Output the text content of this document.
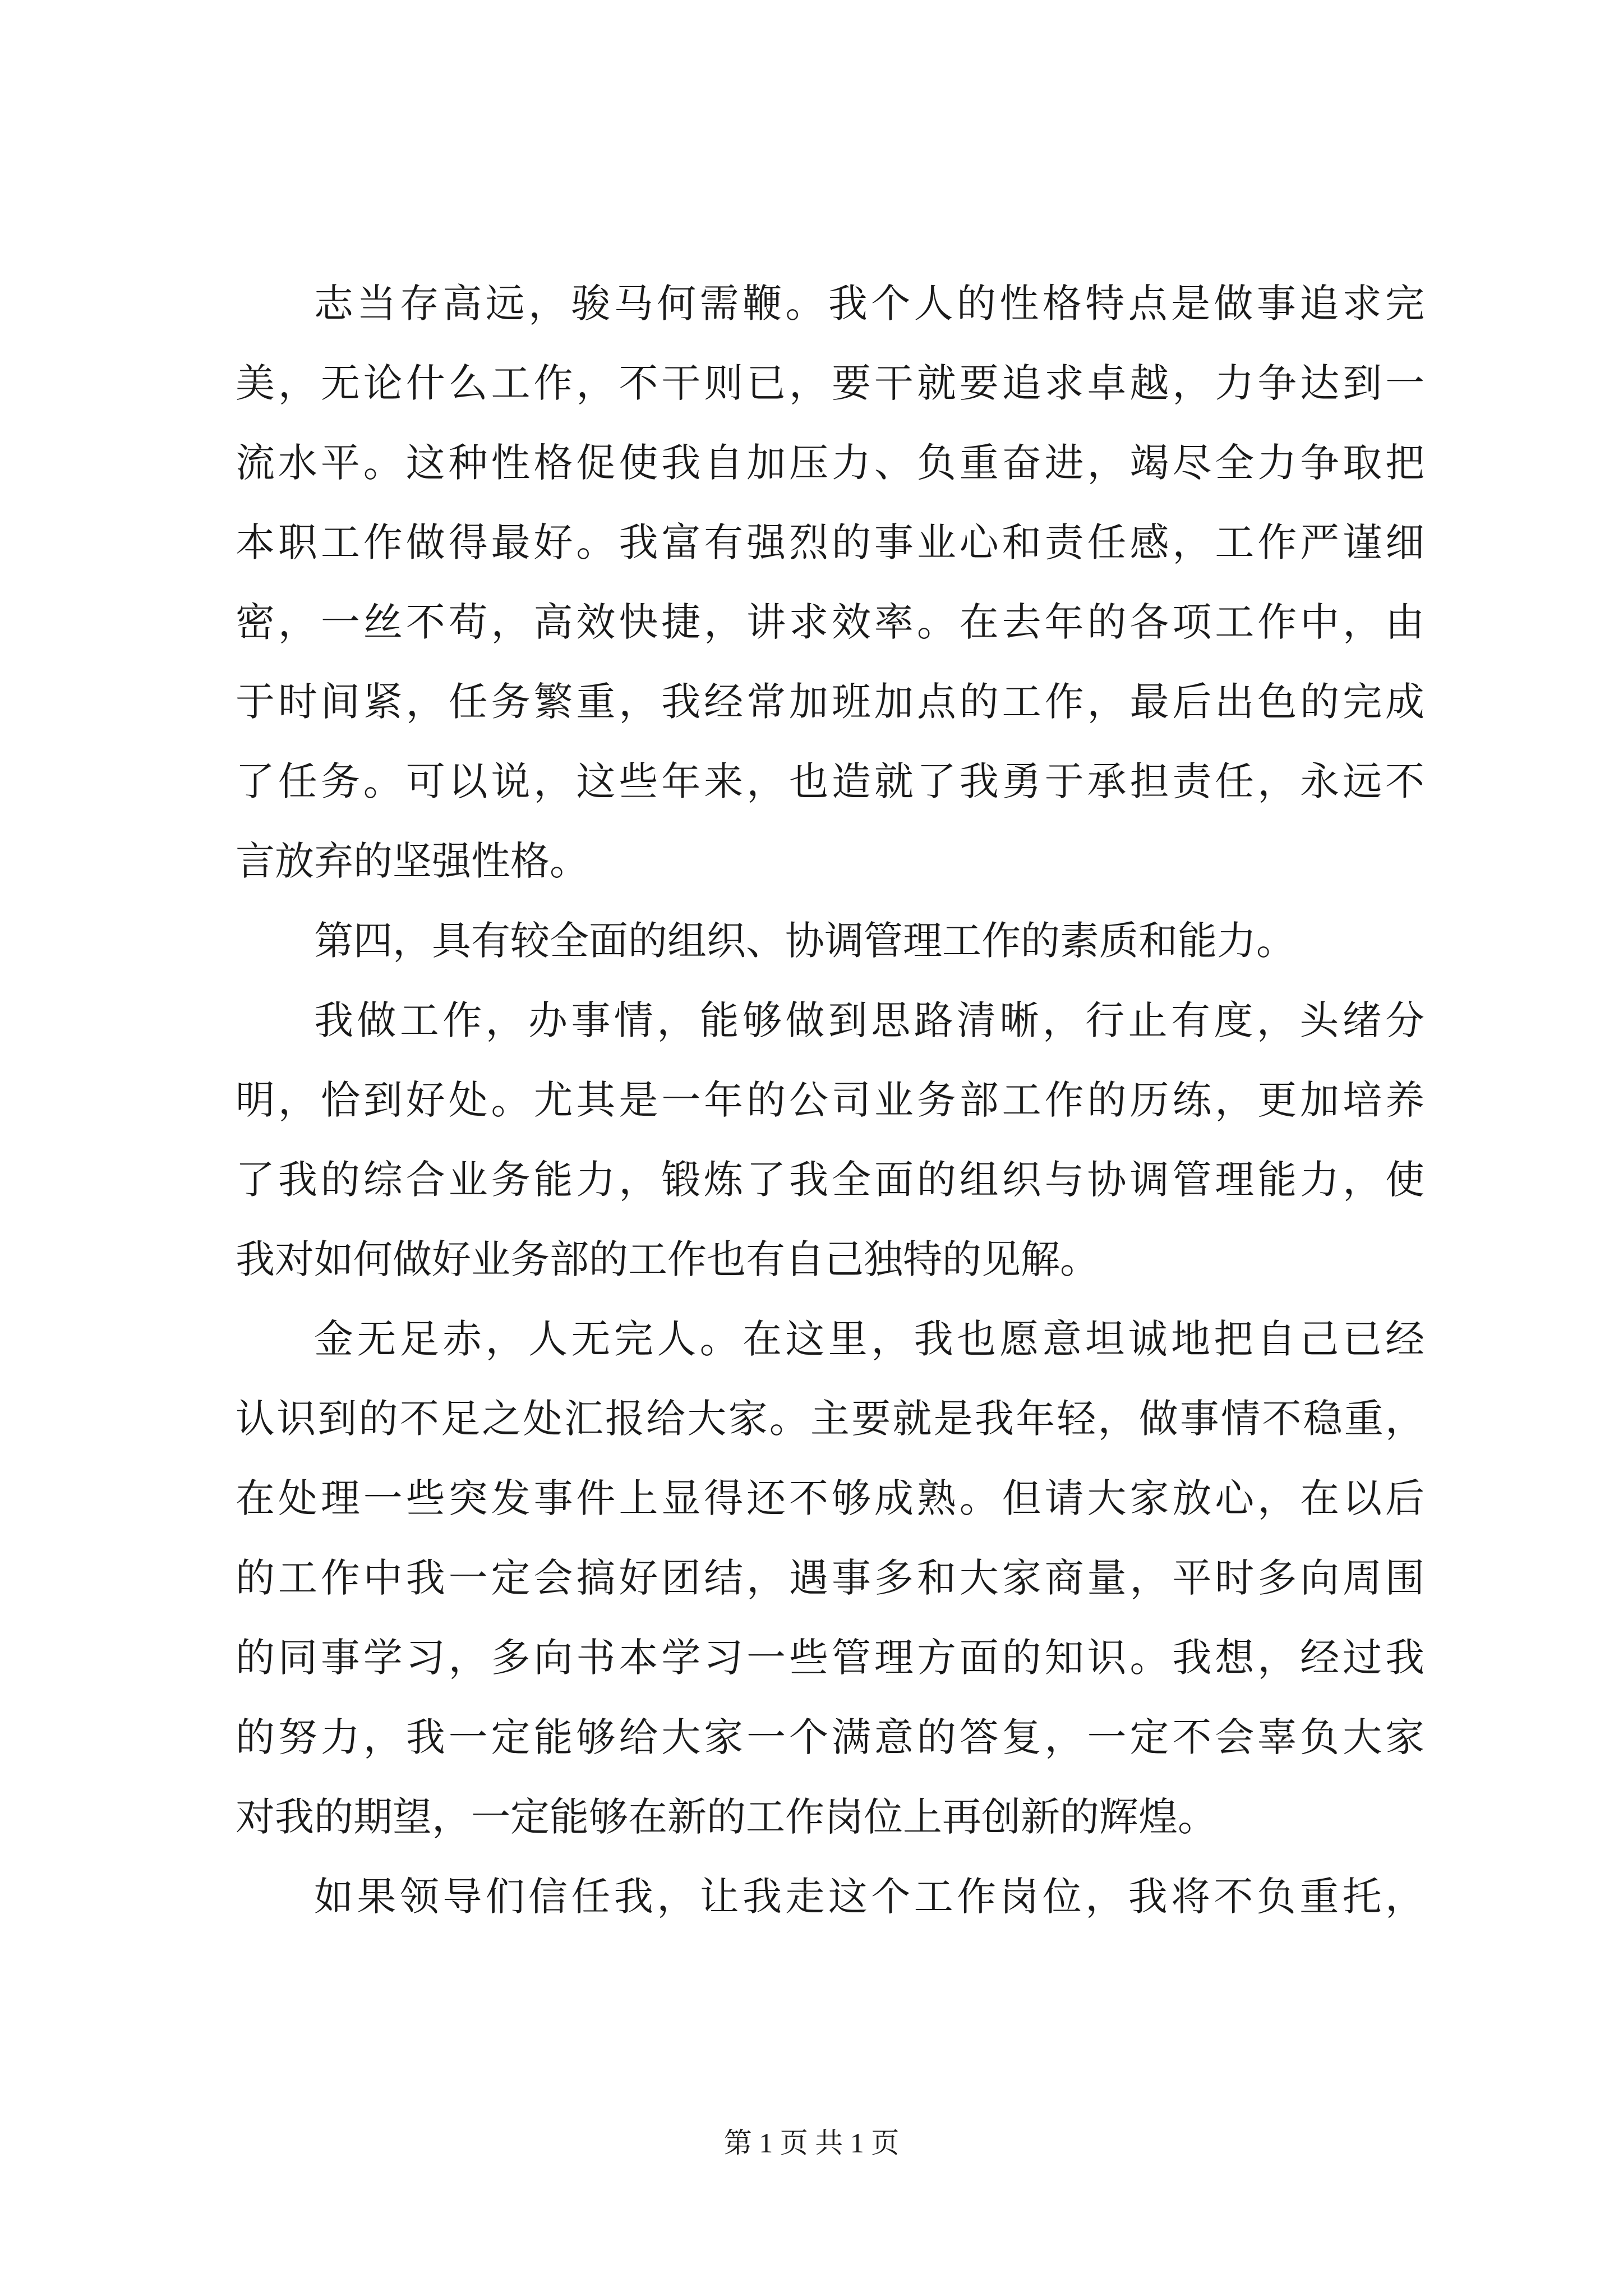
志当存高远，骏马何需鞭。我个人的性格特点是做事追求完
美，无论什么工作，不干则已，要干就要追求卓越，力争达到一
流水平。这种性格促使我自加压力、负重奋进，竭尽全力争取把
本职工作做得最好。我富有强烈的事业心和责任感，工作严谨细
密，一丝不苟，高效快捷，讲求效率。在去年的各项工作中，由
于时间紧，任务繁重，我经常加班加点的工作，最后出色的完成
了任务。可以说，这些年来，也造就了我勇于承担责任，永远不
言放弃的坚强性格。
第四，具有较全面的组织、协调管理工作的素质和能力。
我做工作，办事情，能够做到思路清晰，行止有度，头绪分
明，恰到好处。尤其是一年的公司业务部工作的历练，更加培养
了我的综合业务能力，锻炼了我全面的组织与协调管理能力，使
我对如何做好业务部的工作也有自己独特的见解。
金无足赤，人无完人。在这里，我也愿意坦诚地把自己已经
认识到的不足之处汇报给大家。主要就是我年轻，做事情不稳重，
在处理一些突发事件上显得还不够成熟。但请大家放心，在以后
的工作中我一定会搞好团结，遇事多和大家商量，平时多向周围
的同事学习，多向书本学习一些管理方面的知识。我想，经过我
的努力，我一定能够给大家一个满意的答复，一定不会辜负大家
对我的期望，一定能够在新的工作岗位上再创新的辉煌。
如果领导们信任我，让我走这个工作岗位，我将不负重托，
第 1 页 共 1 页
